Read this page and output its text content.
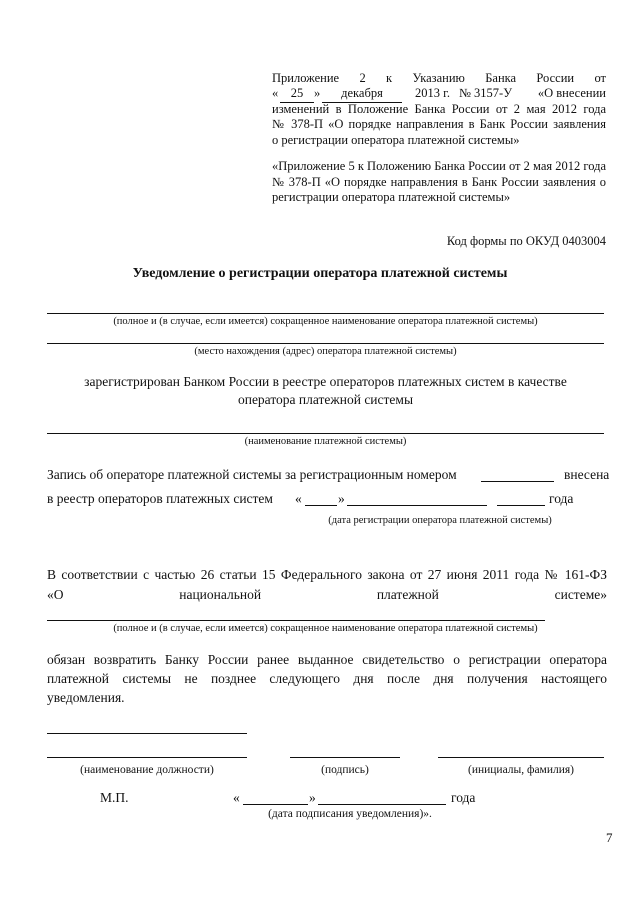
Приложение 2 к Указанию Банка России от
«	25 »	декабря	2013 г. № 3157-У «О внесении
изменений в Положение Банка России от 2 мая 2012 года
№ 378-П «О порядке направления в Банк России заявления
о регистрации оператора платежной системы»
«Приложение 5 к Положению Банка России от 2 мая 2012 года № 378-П «О порядке направления в Банк России заявления о регистрации оператора платежной системы»
Код формы по ОКУД 0403004
Уведомление о регистрации оператора платежной системы
(полное и (в случае, если имеется) сокращенное наименование оператора платежной системы)
(место нахождения (адрес) оператора платежной системы)
зарегистрирован Банком России в реестре операторов платежных систем в качестве
оператора платежной системы
(наименование платежной системы)
Запись об операторе платежной системы за регистрационным номером	внесена
в реестр операторов платежных систем «	»	года
(дата регистрации оператора платежной системы)
В соответствии с частью 26 статьи 15 Федерального закона от 27 июня 2011 года № 161-ФЗ
«О национальной платежной системе»
(полное и (в случае, если имеется) сокращенное наименование оператора платежной системы)
обязан возвратить Банку России ранее выданное свидетельство о регистрации оператора
платежной системы не позднее следующего дня после дня получения настоящего
уведомления.
(наименование должности)	(подпись)	(инициалы, фамилия)
М.П.	«	»	года
(дата подписания уведомления)».
7
